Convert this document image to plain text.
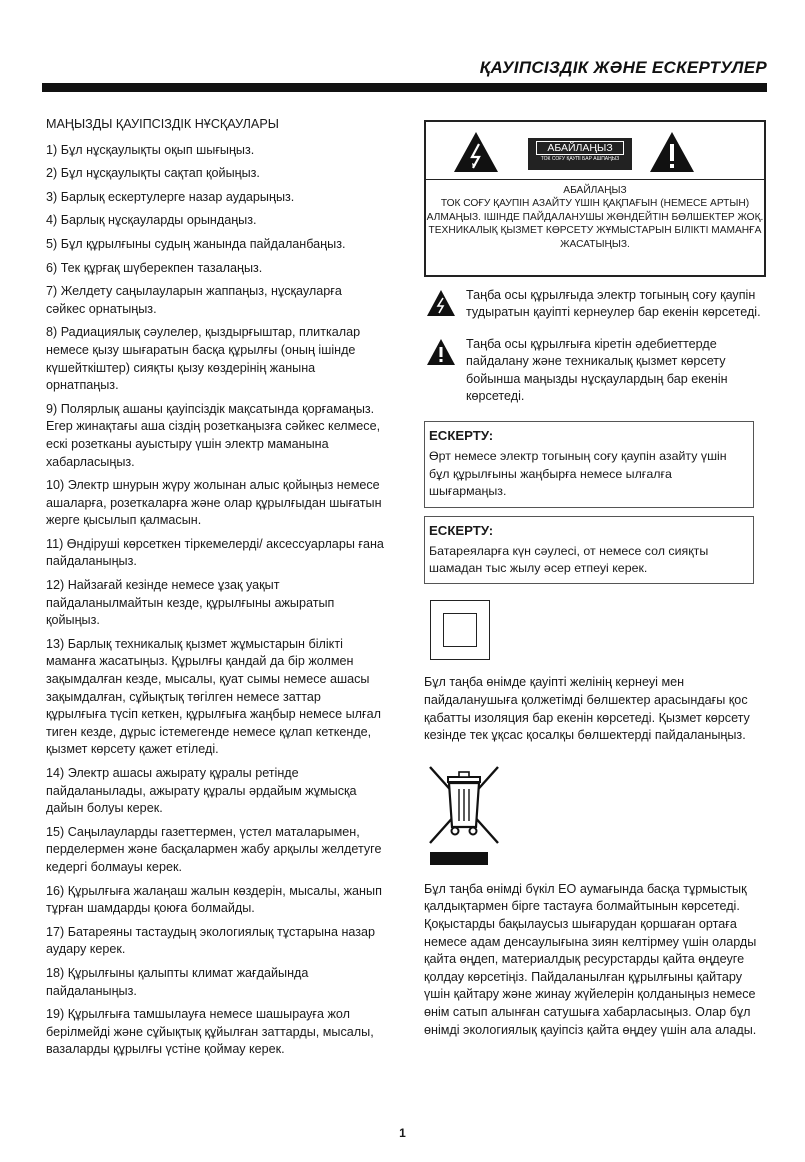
ҚАУІПСІЗДІК ЖӘНЕ ЕСКЕРТУЛЕР
МАҢЫЗДЫ ҚАУІПСІЗДІК НҰСҚАУЛАРЫ
1) Бұл нұсқаулықты оқып шығыңыз.
2) Бұл нұсқаулықты сақтап қойыңыз.
3) Барлық ескертулерге назар аударыңыз.
4) Барлық нұсқауларды орындаңыз.
5) Бұл құрылғыны судың жанында пайдаланбаңыз.
6) Тек құрғақ шүберекпен тазалаңыз.
7) Желдету саңылауларын жаппаңыз, нұсқауларға сәйкес орнатыңыз.
8) Радиациялық сәулелер, қыздырғыштар, плиткалар немесе қызу шығаратын басқа құрылғы (оның ішінде күшейткіштер) сияқты қызу көздерінің жанына орнатпаңыз.
9) Полярлық ашаны қауіпсіздік мақсатында қорғамаңыз. Егер жинақтағы аша сіздің розеткаңызға сәйкес келмесе, ескі розетканы ауыстыру үшін электр маманына хабарласыңыз.
10) Электр шнурын жүру жолынан алыс қойыңыз немесе ашаларға, розеткаларға және олар құрылғыдан шығатын жерге қысылып қалмасын.
11) Өндіруші көрсеткен тіркемелерді/ аксессуарлары ғана пайдаланыңыз.
12) Найзағай кезінде немесе ұзақ уақыт пайдаланылмайтын кезде, құрылғыны ажыратып қойыңыз.
13) Барлық техникалық қызмет жұмыстарын білікті маманға жасатыңыз. Құрылғы қандай да бір жолмен зақымдалған кезде, мысалы, қуат сымы немесе ашасы зақымдалған, сұйықтық төгілген немесе заттар құрылғыға түсіп кеткен, құрылғыға жаңбыр немесе ылғал тиген кезде, дұрыс істемегенде немесе құлап кеткенде, қызмет көрсету қажет етіледі.
14) Электр ашасы ажырату құралы ретінде пайдаланылады, ажырату құралы әрдайым жұмысқа дайын болуы керек.
15) Саңылауларды газеттермен, үстел маталарымен, перделермен және басқалармен жабу арқылы желдетуге кедергі болмауы керек.
16) Құрылғыға жалаңаш жалын көздерін, мысалы, жанып тұрған шамдарды қоюға болмайды.
17) Батареяны тастаудың экологиялық тұстарына назар аудару керек.
18) Құрылғыны қалыпты климат жағдайында пайдаланыңыз.
19) Құрылғыға тамшылауға немесе шашырауға жол берілмейді және сұйықтық құйылған заттарды, мысалы, вазаларды құрылғы үстіне қоймау керек.
АБАЙЛАҢЫЗ
ТОК СОҒУ ҚАУПІ БАР АШПАҢЫЗ
АБАЙЛАҢЫЗ
ТОК СОҒУ ҚАУПІН АЗАЙТУ ҮШІН ҚАҚПАҒЫН (НЕМЕСЕ АРТЫН) АЛМАҢЫЗ. ІШІНДЕ ПАЙДАЛАНУШЫ ЖӨНДЕЙТІН БӨЛШЕКТЕР ЖОҚ. ТЕХНИКАЛЫҚ ҚЫЗМЕТ КӨРСЕТУ ЖҰМЫСТАРЫН БІЛІКТІ МАМАНҒА ЖАСАТЫҢЫЗ.
Таңба осы құрылғыда электр тогының соғу қаупін тудыратын қауіпті кернеулер бар екенін көрсетеді.
Таңба осы құрылғыға кіретін әдебиеттерде пайдалану және техникалық қызмет көрсету бойынша маңызды нұсқаулардың бар екенін көрсетеді.
ЕСКЕРТУ:
Өрт немесе электр тогының соғу қаупін азайту үшін бұл құрылғыны жаңбырға немесе ылғалға шығармаңыз.
ЕСКЕРТУ:
Батареяларға күн сәулесі, от немесе сол сияқты шамадан тыс жылу әсер етпеуі керек.
Бұл таңба өнімде қауіпті желінің кернеуі мен пайдаланушыға қолжетімді бөлшектер арасындағы қос қабатты изоляция бар екенін көрсетеді. Қызмет көрсету кезінде тек ұқсас қосалқы бөлшектерді пайдаланыңыз.
Бұл таңба өнімді бүкіл ЕО аумағында басқа тұрмыстық қалдықтармен бірге тастауға болмайтынын көрсетеді. Қоқыстарды бақылаусыз шығарудан қоршаған ортаға немесе адам денсаулығына зиян келтірмеу үшін оларды қайта өңдеп, материалдық ресурстарды қайта өңдеуге қолдау көрсетіңіз. Пайдаланылған құрылғыны қайтару үшін қайтару және жинау жүйелерін қолданыңыз немесе өнім сатып алынған сатушыға хабарласыңыз. Олар бұл өнімді экологиялық қауіпсіз қайта өңдеу үшін ала алады.
1
